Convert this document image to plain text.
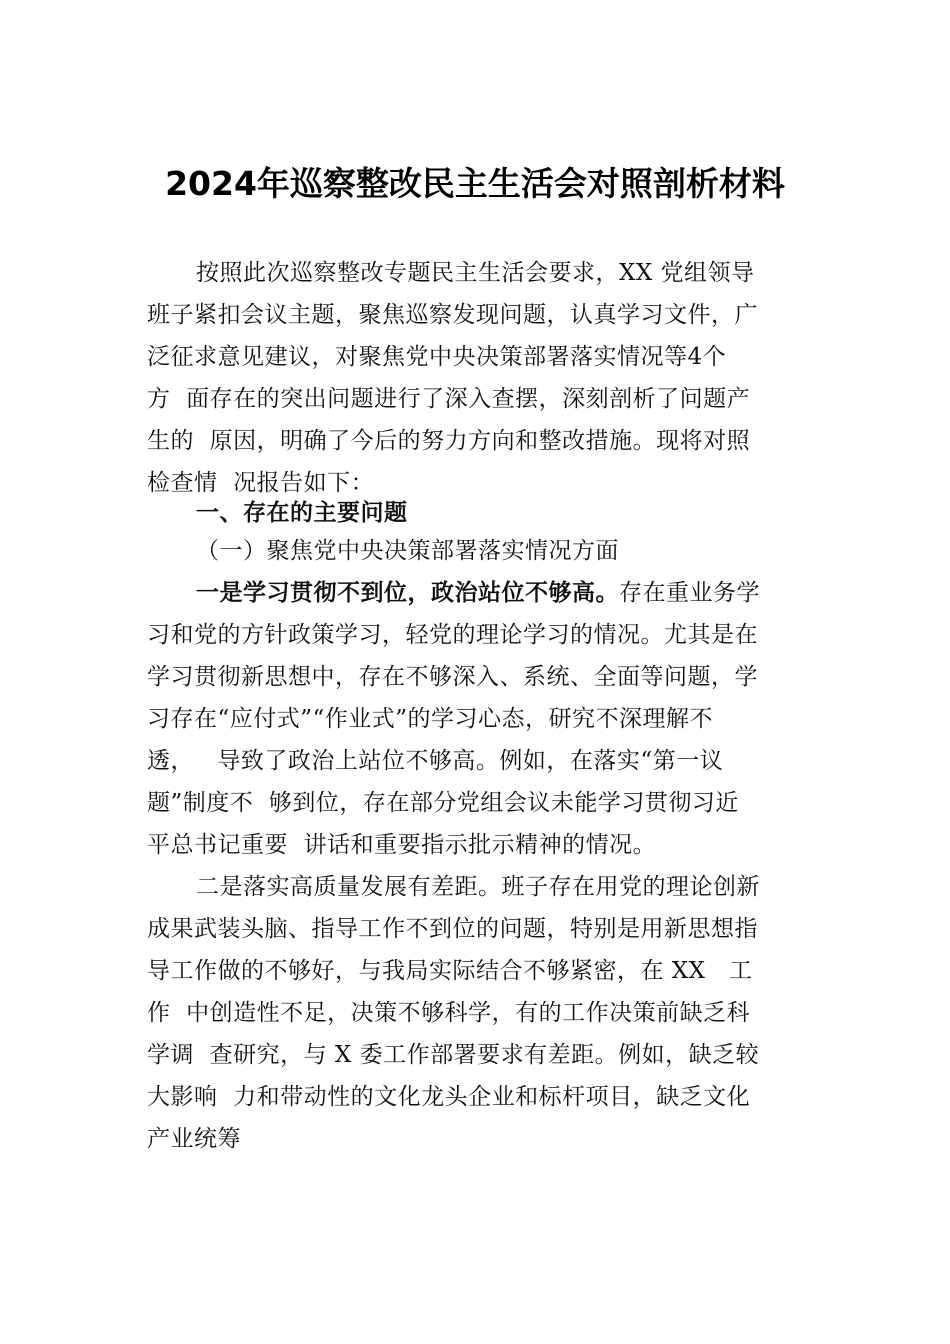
2024年巡察整改民主生活会对照剖析材料
按照此次巡察整改专题民主生活会要求，XX 党组领导
班子紧扣会议主题，聚焦巡察发现问题，认真学习文件，广
泛征求意见建议，对聚焦党中央决策部署落实情况等4个
方  面存在的突出问题进行了深入查摆，深刻剖析了问题产
生的  原因，明确了今后的努力方向和整改措施。现将对照
检查情  况报告如下：
一、存在的主要问题
（一）聚焦党中央决策部署落实情况方面
一是学习贯彻不到位，政治站位不够高。存在重业务学
习和党的方针政策学习，轻党的理论学习的情况。尤其是在
学习贯彻新思想中，存在不够深入、系统、全面等问题，学
习存在“应付式”“作业式”的学习心态，研究不深理解不
透，   导致了政治上站位不够高。例如，在落实“第一议
题”制度不  够到位，存在部分党组会议未能学习贯彻习近
平总书记重要  讲话和重要指示批示精神的情况。
二是落实高质量发展有差距。班子存在用党的理论创新
成果武装头脑、指导工作不到位的问题，特别是用新思想指
导工作做的不够好，与我局实际结合不够紧密，在 XX   工
作  中创造性不足，决策不够科学，有的工作决策前缺乏科
学调  查研究，与 X 委工作部署要求有差距。例如，缺乏较
大影响  力和带动性的文化龙头企业和标杆项目，缺乏文化
产业统筹
